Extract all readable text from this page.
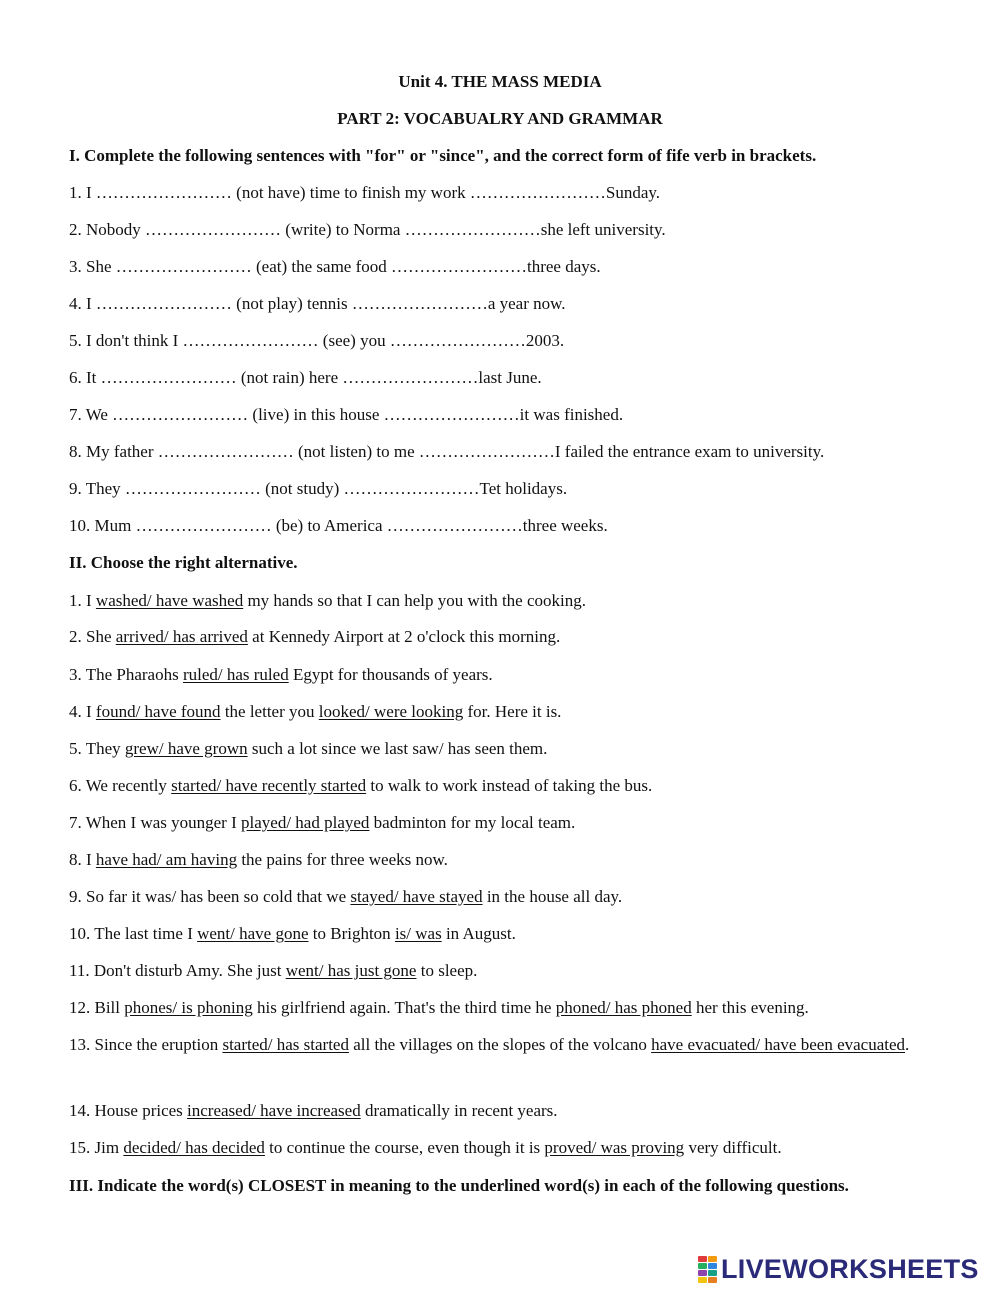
Unit 4. THE MASS MEDIA
PART 2: VOCABUALRY AND GRAMMAR
I. Complete the following sentences with "for" or "since", and the correct form of fife verb in brackets.
1. I …………………… (not have) time to finish my work ……………………Sunday.
2. Nobody …………………… (write) to Norma ……………………she left university.
3. She …………………… (eat) the same food ……………………three days.
4. I …………………… (not play) tennis ……………………a year now.
5. I don't think I …………………… (see) you ……………………2003.
6. It …………………… (not rain) here ……………………last June.
7. We …………………… (live) in this house ……………………it was finished.
8. My father …………………… (not listen) to me ……………………I failed the entrance exam to university.
9. They …………………… (not study) ……………………Tet holidays.
10. Mum …………………… (be) to America ……………………three weeks.
II. Choose the right alternative.
1. I washed/ have washed my hands so that I can help you with the cooking.
2. She arrived/ has arrived at Kennedy Airport at 2 o'clock this morning.
3. The Pharaohs ruled/ has ruled Egypt for thousands of years.
4. I found/ have found the letter you looked/ were looking for. Here it is.
5. They grew/ have grown such a lot since we last saw/ has seen them.
6. We recently started/ have recently started to walk to work instead of taking the bus.
7. When I was younger I played/ had played badminton for my local team.
8. I have had/ am having the pains for three weeks now.
9. So far it was/ has been so cold that we stayed/ have stayed in the house all day.
10. The last time I went/ have gone to Brighton is/ was in August.
11. Don't disturb Amy. She just went/ has just gone to sleep.
12. Bill phones/ is phoning his girlfriend again. That's the third time he phoned/ has phoned her this evening.
13. Since the eruption started/ has started all the villages on the slopes of the volcano have evacuated/ have been evacuated.
14. House prices increased/ have increased dramatically in recent years.
15. Jim decided/ has decided to continue the course, even though it is proved/ was proving very difficult.
III. Indicate the word(s) CLOSEST in meaning to the underlined word(s) in each of the following questions.
LIVEWORKSHEETS
